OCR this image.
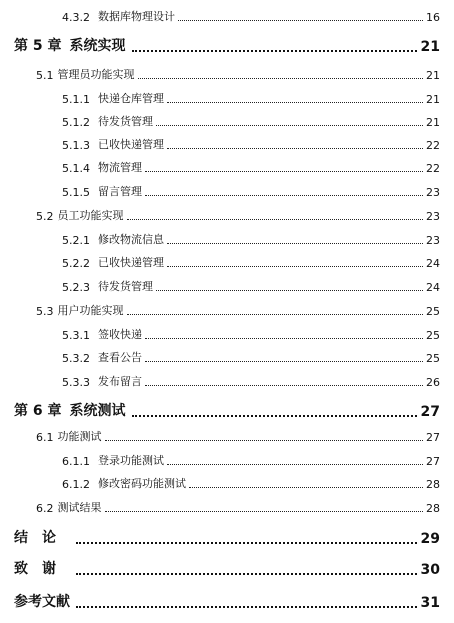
4.3.2 数据库物理设计	16
第 5 章 系统实现	21
5.1 管理员功能实现	21
5.1.1 快递仓库管理	21
5.1.2 待发货管理	21
5.1.3 已收快递管理	22
5.1.4 物流管理	22
5.1.5 留言管理	23
5.2 员工功能实现	23
5.2.1 修改物流信息	23
5.2.2 已收快递管理	24
5.2.3 待发货管理	24
5.3 用户功能实现	25
5.3.1 签收快递	25
5.3.2 查看公告	25
5.3.3 发布留言	26
第 6 章 系统测试	27
6.1 功能测试	27
6.1.1 登录功能测试	27
6.1.2 修改密码功能测试	28
6.2 测试结果	28
结论	29
致谢	30
参考文献	31
